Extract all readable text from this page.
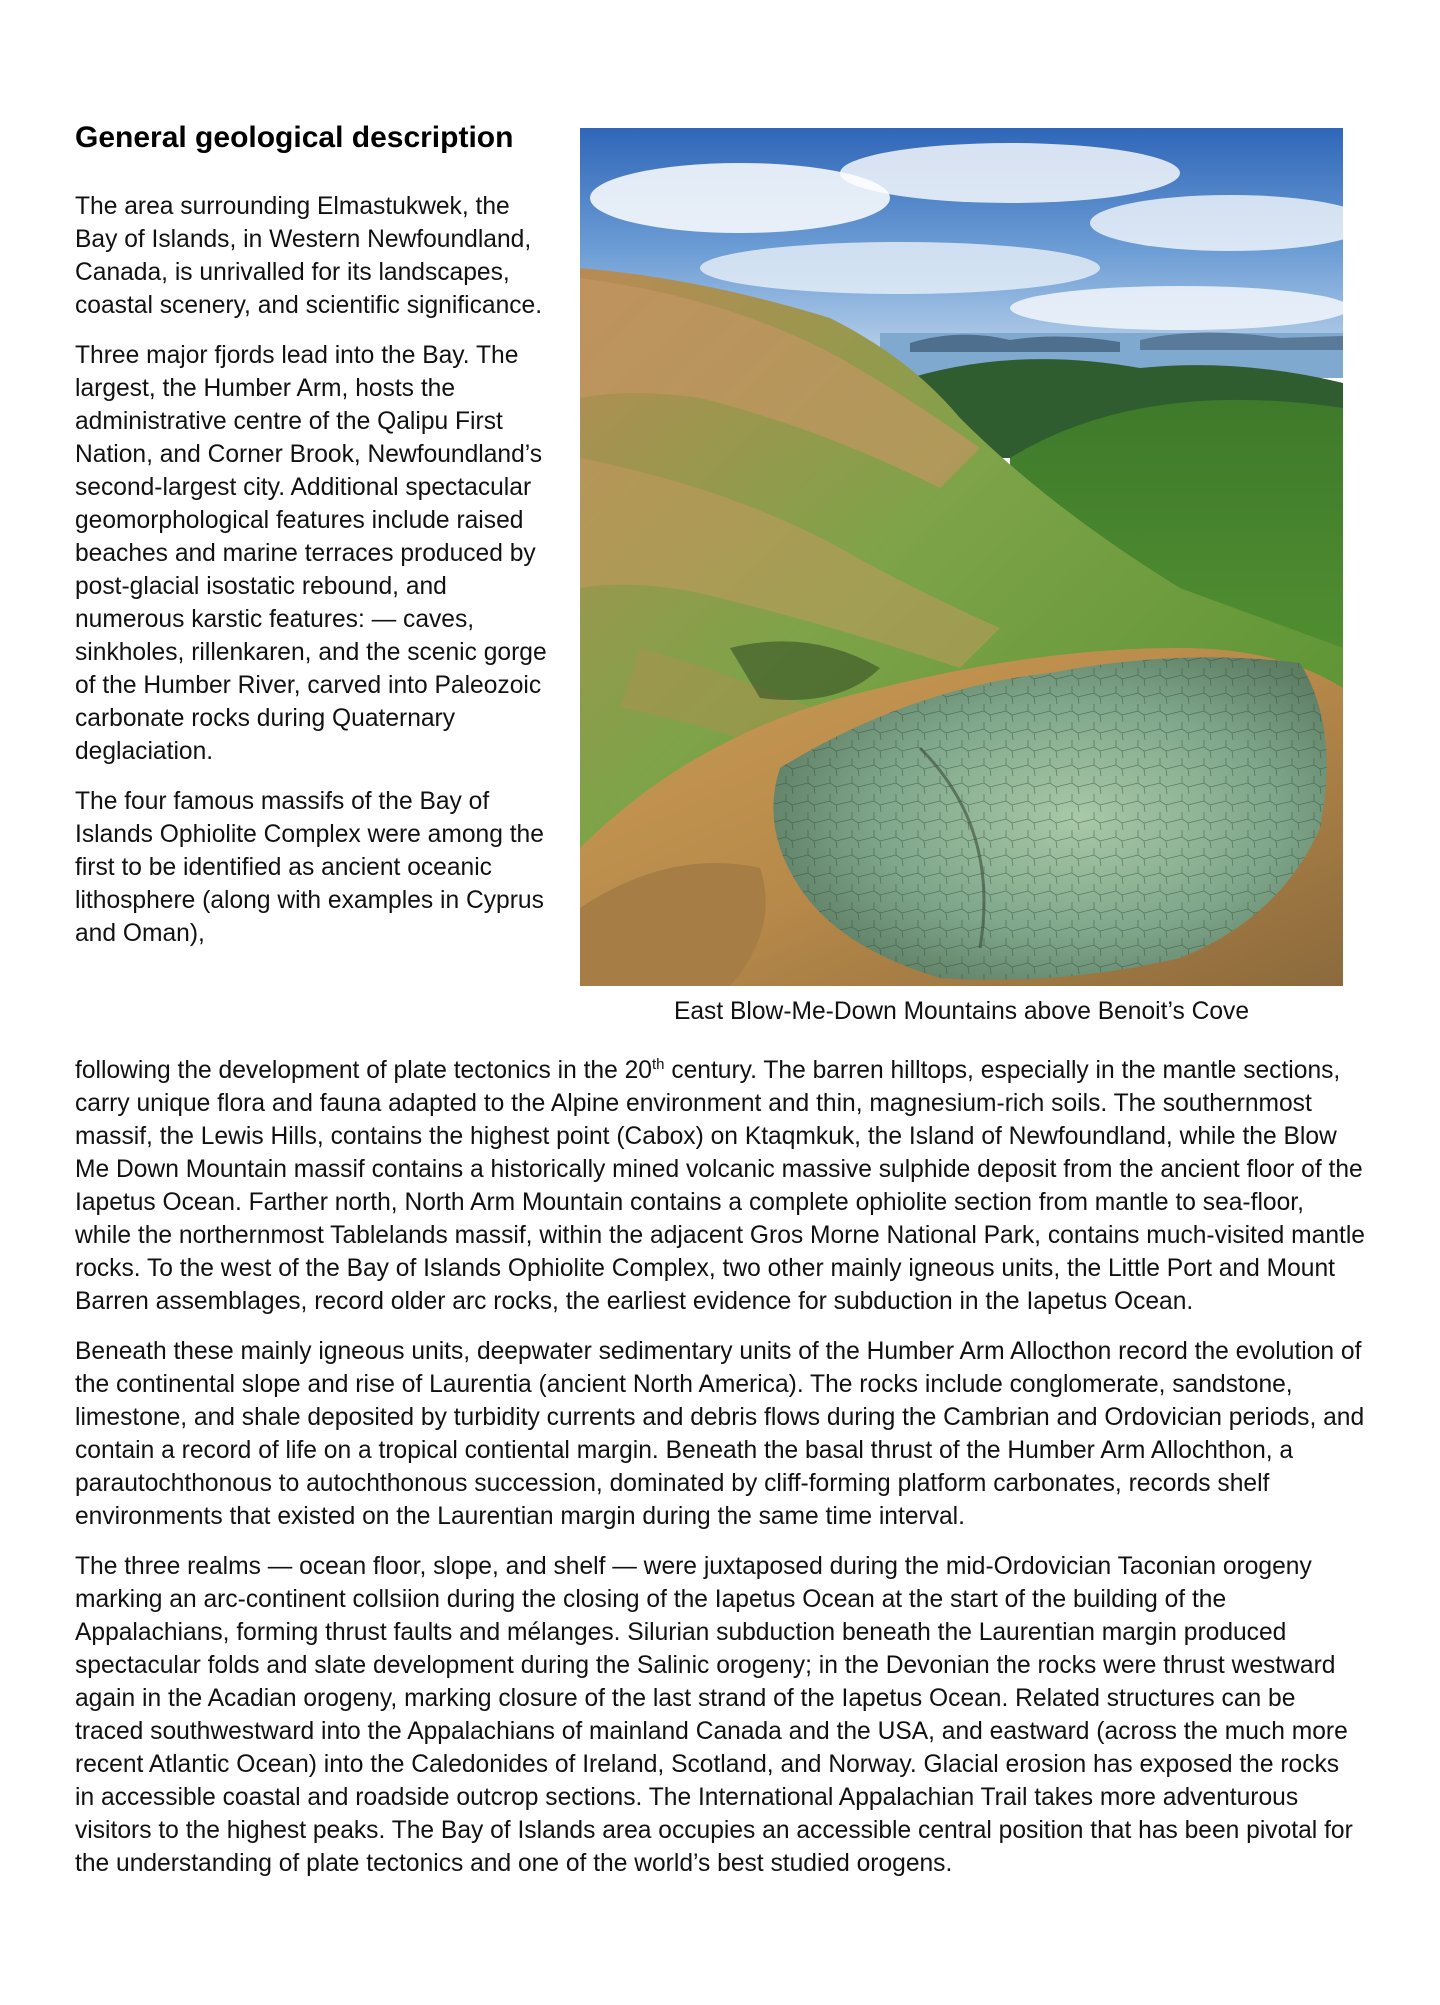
General geological description

The area surrounding Elmastukwek, the Bay of Islands, in Western Newfoundland, Canada, is unrivalled for its landscapes, coastal scenery, and scientific significance.

Three major fjords lead into the Bay. The largest, the Humber Arm, hosts the administrative centre of the Qalipu First Nation, and Corner Brook, Newfoundland’s second-largest city. Additional spectacular geomorphological features include raised beaches and marine terraces produced by post-glacial isostatic rebound, and numerous karstic features: — caves, sinkholes, rillenkaren, and the scenic gorge of the Humber River, carved into Paleozoic carbonate rocks during Quaternary deglaciation.

The four famous massifs of the Bay of Islands Ophiolite Complex were among the first to be identified as ancient oceanic lithosphere (along with examples in Cyprus and Oman),

East Blow-Me-Down Mountains above Benoit’s Cove

following the development of plate tectonics in the 20th century. The barren hilltops, especially in the mantle sections, carry unique flora and fauna adapted to the Alpine environment and thin, magnesium-rich soils. The southernmost massif, the Lewis Hills, contains the highest point (Cabox) on Ktaqmkuk, the Island of Newfoundland, while the Blow Me Down Mountain massif contains a historically mined volcanic massive sulphide deposit from the ancient floor of the Iapetus Ocean. Farther north, North Arm Mountain contains a complete ophiolite section from mantle to sea-floor, while the northernmost Tablelands massif, within the adjacent Gros Morne National Park, contains much-visited mantle rocks. To the west of the Bay of Islands Ophiolite Complex, two other mainly igneous units, the Little Port and Mount Barren assemblages, record older arc rocks, the earliest evidence for subduction in the Iapetus Ocean.

Beneath these mainly igneous units, deepwater sedimentary units of the Humber Arm Allocthon record the evolution of the continental slope and rise of Laurentia (ancient North America). The rocks include conglomerate, sandstone, limestone, and shale deposited by turbidity currents and debris flows during the Cambrian and Ordovician periods, and contain a record of life on a tropical contiental margin. Beneath the basal thrust of the Humber Arm Allochthon, a parautochthonous to autochthonous succession, dominated by cliff-forming platform carbonates, records shelf environments that existed on the Laurentian margin during the same time interval.

The three realms — ocean floor, slope, and shelf — were juxtaposed during the mid-Ordovician Taconian orogeny marking an arc-continent collsiion during the closing of the Iapetus Ocean at the start of the building of the Appalachians, forming thrust faults and mélanges. Silurian subduction beneath the Laurentian margin produced spectacular folds and slate development during the Salinic orogeny; in the Devonian the rocks were thrust westward again in the Acadian orogeny, marking closure of the last strand of the Iapetus Ocean. Related structures can be traced southwestward into the Appalachians of mainland Canada and the USA, and eastward (across the much more recent Atlantic Ocean) into the Caledonides of Ireland, Scotland, and Norway. Glacial erosion has exposed the rocks in accessible coastal and roadside outcrop sections. The International Appalachian Trail takes more adventurous visitors to the highest peaks. The Bay of Islands area occupies an accessible central position that has been pivotal for the understanding of plate tectonics and one of the world’s best studied orogens.
